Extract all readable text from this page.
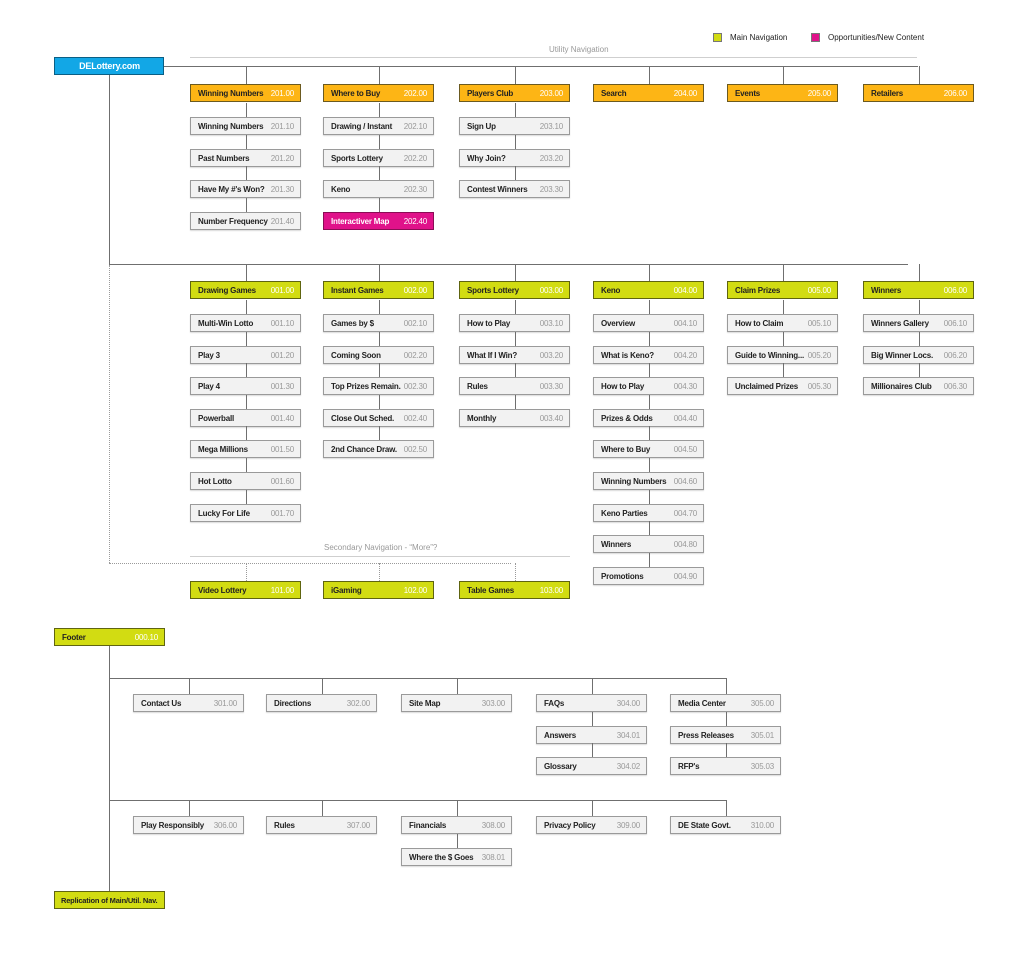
Main Navigation	Opportunities/New Content
Utility Navigation
DELottery.com
Secondary Navigation - “More”?
Winning Numbers 201.00
Winning Numbers 201.10
Past Numbers	201.20
Have My #'s Won? 201.30
Number Frequency 201.40
Where to Buy	202.00
Drawing / Instant 202.10
Sports Lottery	202.20
Keno	202.30
Interactiver Map 202.40
Players Club	203.00
Sign Up	203.10
Why Join?	203.20
Contest Winners 203.30
Search	204.00	Events	205.00	Retailers	206.00
Drawing Games 001.00
Multi-Win Lotto 001.10
Play 3	001.20
Play 4	001.30
Powerball	001.40
Mega Millions	001.50
Hot Lotto	001.60
Lucky For Life	001.70
Instant Games	002.00
Games by $	002.10
Coming Soon	002.20
Top Prizes Remain. 002.30
Close Out Sched. 002.40
2nd Chance Draw. 002.50
Sports Lottery	003.00
How to Play	003.10
What If I Win?	003.20
Rules	003.30
Monthly	003.40
Keno	004.00
Overview	004.10
What is Keno? 004.20
How to Play	004.30
Prizes & Odds	004.40
Where to Buy	004.50
Winning Numbers 004.60
Keno Parties	004.70
Winners	004.80
Promotions	004.90
Claim Prizes	005.00
How to Claim	005.10
Guide to Winning... 005.20
Unclaimed Prizes 005.30
Winners	006.00
Winners Gallery 006.10
Big Winner Locs. 006.20
Millionaires Club 006.30
Video Lottery	101.00	iGaming	102.00	Table Games	103.00
Footer	000.10
Contact Us	301.00	Directions	302.00	Site Map	303.00	FAQs	304.00
Answers	304.01
Glossary	304.02
Media Center	305.00
Press Releases 305.01
RFP's	305.03
Play Responsibly 306.00	Rules	307.00	Financials	308.00
Where the $ Goes 308.01
Privacy Policy	309.00	DE State Govt. 310.00
Replication of Main/Util. Nav.
